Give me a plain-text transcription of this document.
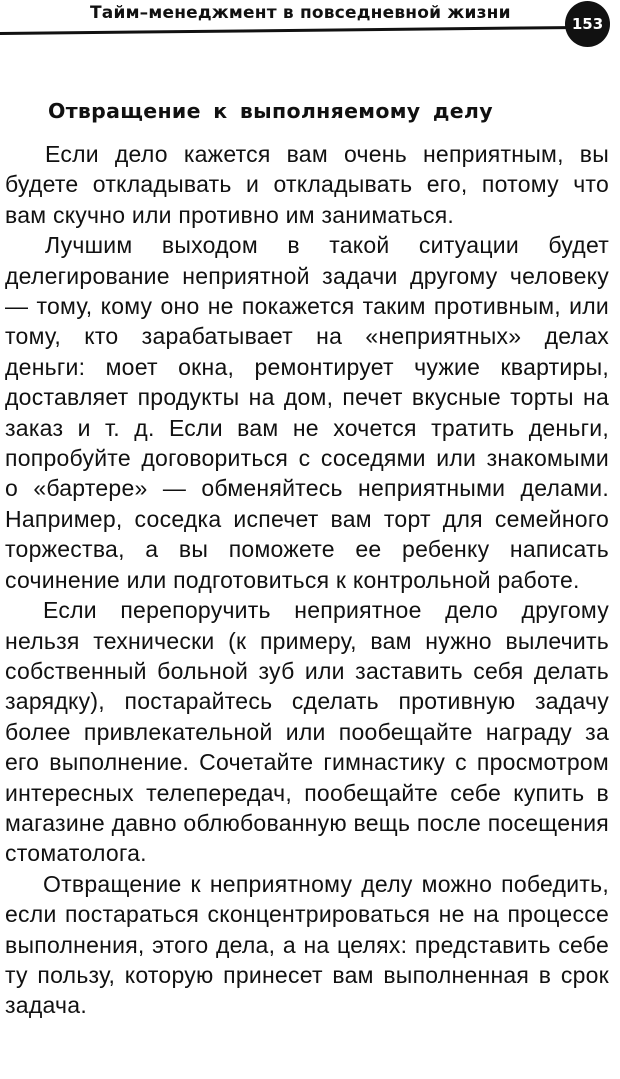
Тайм–менеджмент в повседневной жизни
153
Отвращение к выполняемому делу

Если дело кажется вам очень неприятным, вы будете откладывать и откладывать его, потому что вам скучно или противно им заниматься.

Лучшим выходом в такой ситуации будет делегирование неприятной задачи другому человеку — тому, кому оно не покажется таким противным, или тому, кто зарабатывает на «неприятных» делах деньги: моет окна, ремонтирует чужие квартиры, доставляет продукты на дом, печет вкусные торты на заказ и т. д. Если вам не хочется тратить деньги, попробуйте договориться с соседями или знакомыми о «бартере» — обменяйтесь неприятными делами. Например, соседка испечет вам торт для семейного торжества, а вы поможете ее ребенку написать сочинение или подготовиться к контрольной работе.

Если перепоручить неприятное дело другому нельзя технически (к примеру, вам нужно вылечить собственный больной зуб или заставить себя делать зарядку), постарайтесь сделать противную задачу более привлекательной или пообещайте награду за его выполнение. Сочетайте гимнастику с просмотром интересных телепередач, пообещайте себе купить в магазине давно облюбованную вещь после посещения стоматолога.

Отвращение к неприятному делу можно победить, если постараться сконцентрироваться не на процессе выполнения, этого дела, а на целях: представить себе ту пользу, которую принесет вам выполненная в срок задача.
